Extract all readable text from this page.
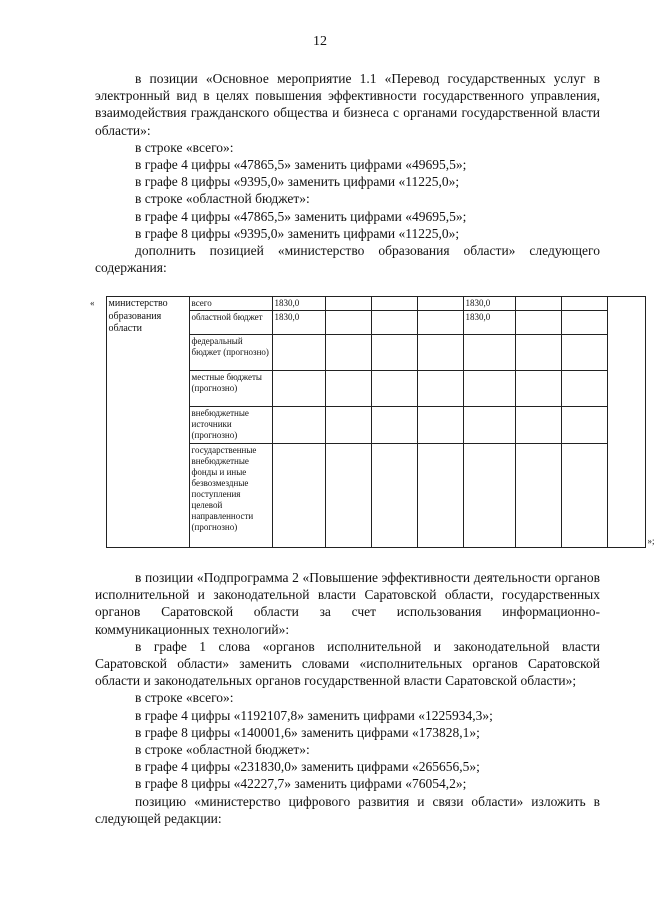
12

в позиции «Основное мероприятие 1.1 «Перевод государственных услуг в электронный вид в целях повышения эффективности государственного управления, взаимодействия гражданского общества и бизнеса с органами государственной власти области»:

в строке «всего»:

в графе 4 цифры «47865,5» заменить цифрами «49695,5»;

в графе 8 цифры «9395,0» заменить цифрами «11225,0»;

в строке «областной бюджет»:

в графе 4 цифры «47865,5» заменить цифрами «49695,5»;

в графе 8 цифры «9395,0» заменить цифрами «11225,0»;

дополнить позицией «министерство образования области» следующего содержания:

«	министерство образования области	всего	1830,0				1830,0				
		областной бюджет	1830,0				1830,0				
		федеральный бюджет (прогнозно)									
		местные бюджеты (прогнозно)									
		внебюджетные источники (прогнозно)									
		государственные внебюджетные фонды и иные безвозмездные поступления целевой направленности (прогнозно)									»;

в позиции «Подпрограмма 2 «Повышение эффективности деятельности органов исполнительной и законодательной власти Саратовской области, государственных органов Саратовской области за счет использования информационно-коммуникационных технологий»:

в графе 1 слова «органов исполнительной и законодательной власти Саратовской области» заменить словами «исполнительных органов Саратовской области и законодательных органов государственной власти Саратовской области»;

в строке «всего»:

в графе 4 цифры «1192107,8» заменить цифрами «1225934,3»;

в графе 8 цифры «140001,6» заменить цифрами «173828,1»;

в строке «областной бюджет»:

в графе 4 цифры «231830,0» заменить цифрами «265656,5»;

в графе 8 цифры «42227,7» заменить цифрами «76054,2»;

позицию «министерство цифрового развития и связи области» изложить в следующей редакции:
